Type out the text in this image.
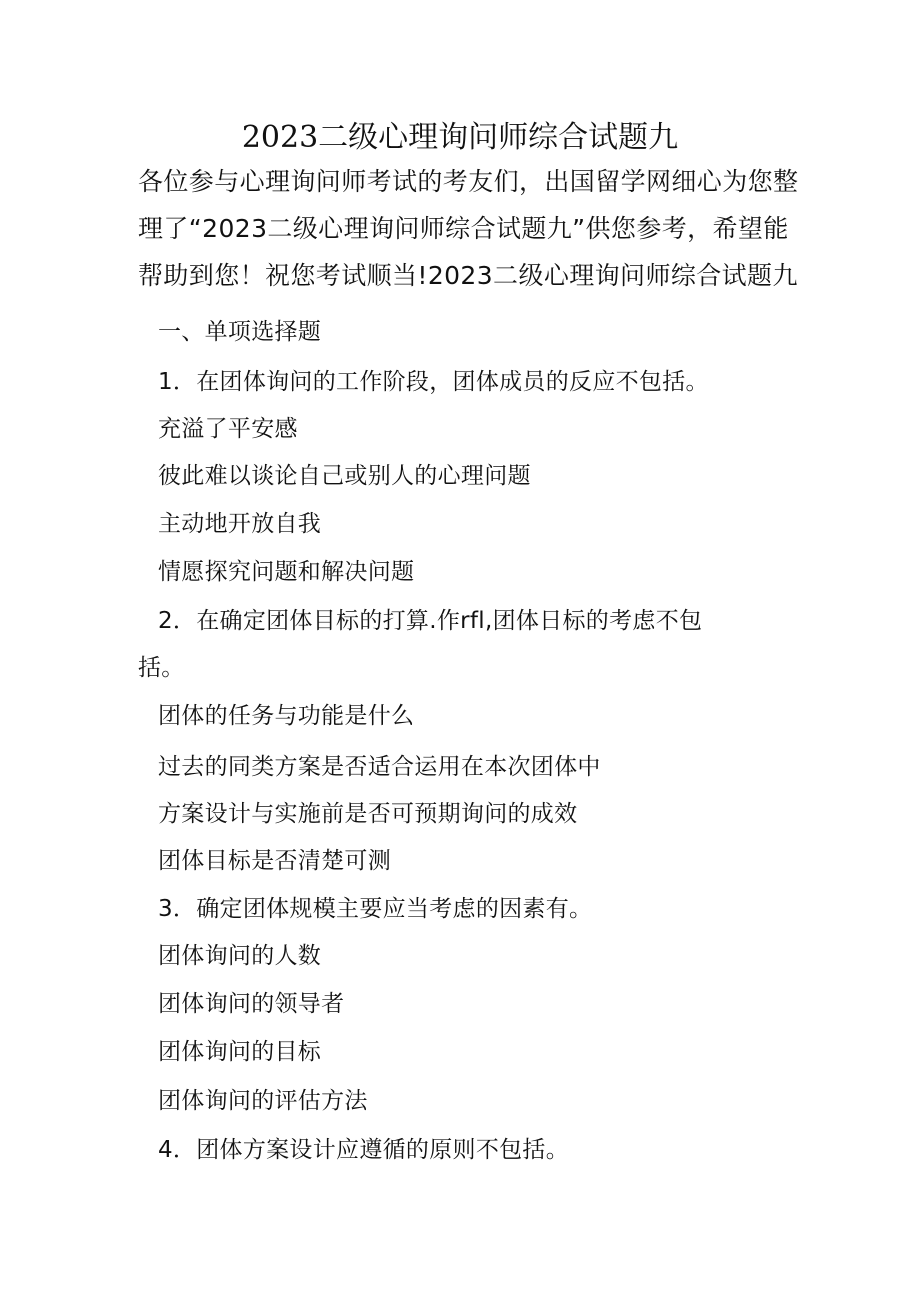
2023二级心理询问师综合试题九
各位参与心理询问师考试的考友们，出国留学网细心为您整
理了“2023二级心理询问师综合试题九”供您参考，希望能
帮助到您！祝您考试顺当!2023二级心理询问师综合试题九
一、单项选择题
1．在团体询问的工作阶段，团体成员的反应不包括。
充溢了平安感
彼此难以谈论自己或别人的心理问题
主动地开放自我
情愿探究问题和解决问题
2．在确定团体目标的打算.作rfl,团体日标的考虑不包
括。
团体的任务与功能是什么
过去的同类方案是否适合运用在本次团体中
方案设计与实施前是否可预期询问的成效
团体目标是否清楚可测
3．确定团体规模主要应当考虑的因素有。
团体询问的人数
团体询问的领导者
团体询问的目标
团体询问的评估方法
4．团体方案设计应遵循的原则不包括。
